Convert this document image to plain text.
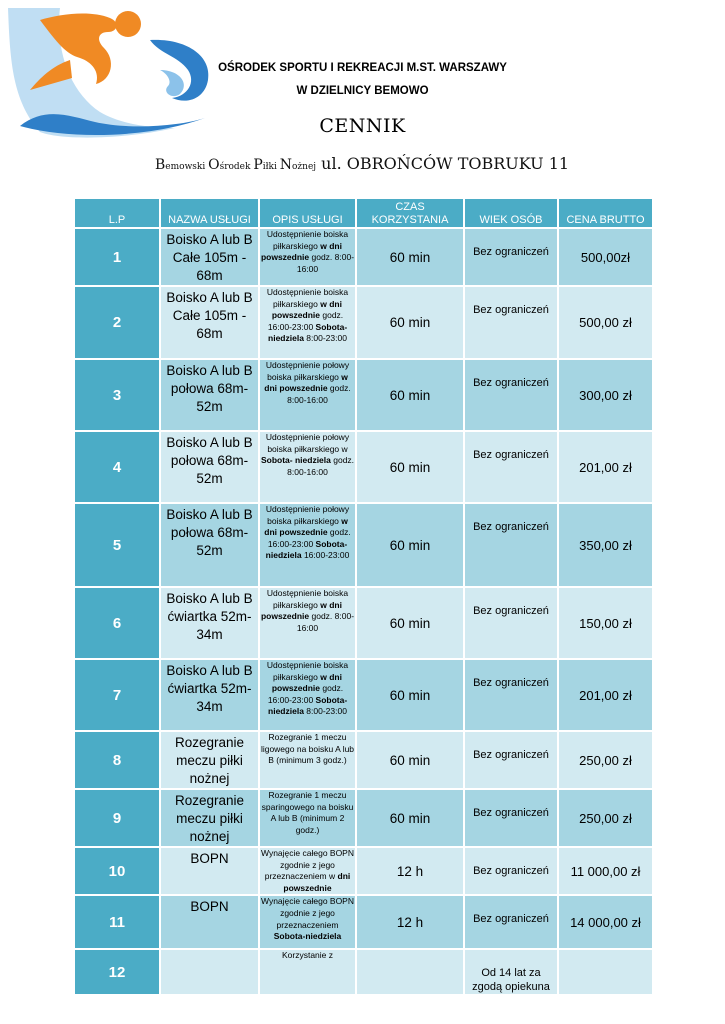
OŚRODEK SPORTU I REKREACJI M.ST. WARSZAWY
W DZIELNICY BEMOWO
CENNIK
Bemowski Ośrodek Piłki Nożnej ul. OBROŃCÓW TOBRUKU 11
L.P	NAZWA USŁUGI	OPIS USŁUGI	CZAS KORZYSTANIA	WIEK OSÓB	CENA BRUTTO
1	Boisko A lub B Całe 105m - 68m	Udostępnienie boiska piłkarskiego w dni powszednie godz. 8:00-16:00	60 min	Bez ograniczeń	500,00zł
2	Boisko A lub B Całe 105m - 68m	Udostępnienie boiska piłkarskiego w dni powszednie godz. 16:00-23:00 Sobota- niedziela 8:00-23:00	60 min	Bez ograniczeń	500,00 zł
3	Boisko A lub B połowa 68m-52m	Udostępnienie połowy boiska piłkarskiego w dni powszednie godz. 8:00-16:00	60 min	Bez ograniczeń	300,00 zł
4	Boisko A lub B połowa 68m-52m	Udostępnienie połowy boiska piłkarskiego w Sobota- niedziela godz. 8:00-16:00	60 min	Bez ograniczeń	201,00 zł
5	Boisko A lub B połowa 68m-52m	Udostępnienie połowy boiska piłkarskiego w dni powszednie godz. 16:00-23:00 Sobota- niedziela 16:00-23:00	60 min	Bez ograniczeń	350,00 zł
6	Boisko A lub B ćwiartka 52m-34m	Udostępnienie boiska piłkarskiego w dni powszednie godz. 8:00-16:00	60 min	Bez ograniczeń	150,00 zł
7	Boisko A lub B ćwiartka 52m-34m	Udostępnienie boiska piłkarskiego w dni powszednie godz. 16:00-23:00 Sobota- niedziela 8:00-23:00	60 min	Bez ograniczeń	201,00 zł
8	Rozegranie meczu piłki nożnej	Rozegranie 1 meczu ligowego na boisku A lub B (minimum 3 godz.)	60 min	Bez ograniczeń	250,00 zł
9	Rozegranie meczu piłki nożnej	Rozegranie 1 meczu sparingowego na boisku A lub B (minimum 2 godz.)	60 min	Bez ograniczeń	250,00 zł
10	BOPN	Wynajęcie całego BOPN zgodnie z jego przeznaczeniem w dni powszednie	12 h	Bez ograniczeń	11 000,00 zł
11	BOPN	Wynajęcie całego BOPN zgodnie z jego przeznaczeniem Sobota-niedziela	12 h	Bez ograniczeń	14 000,00 zł
12		Korzystanie z		Od 14 lat za zgodą opiekuna	
